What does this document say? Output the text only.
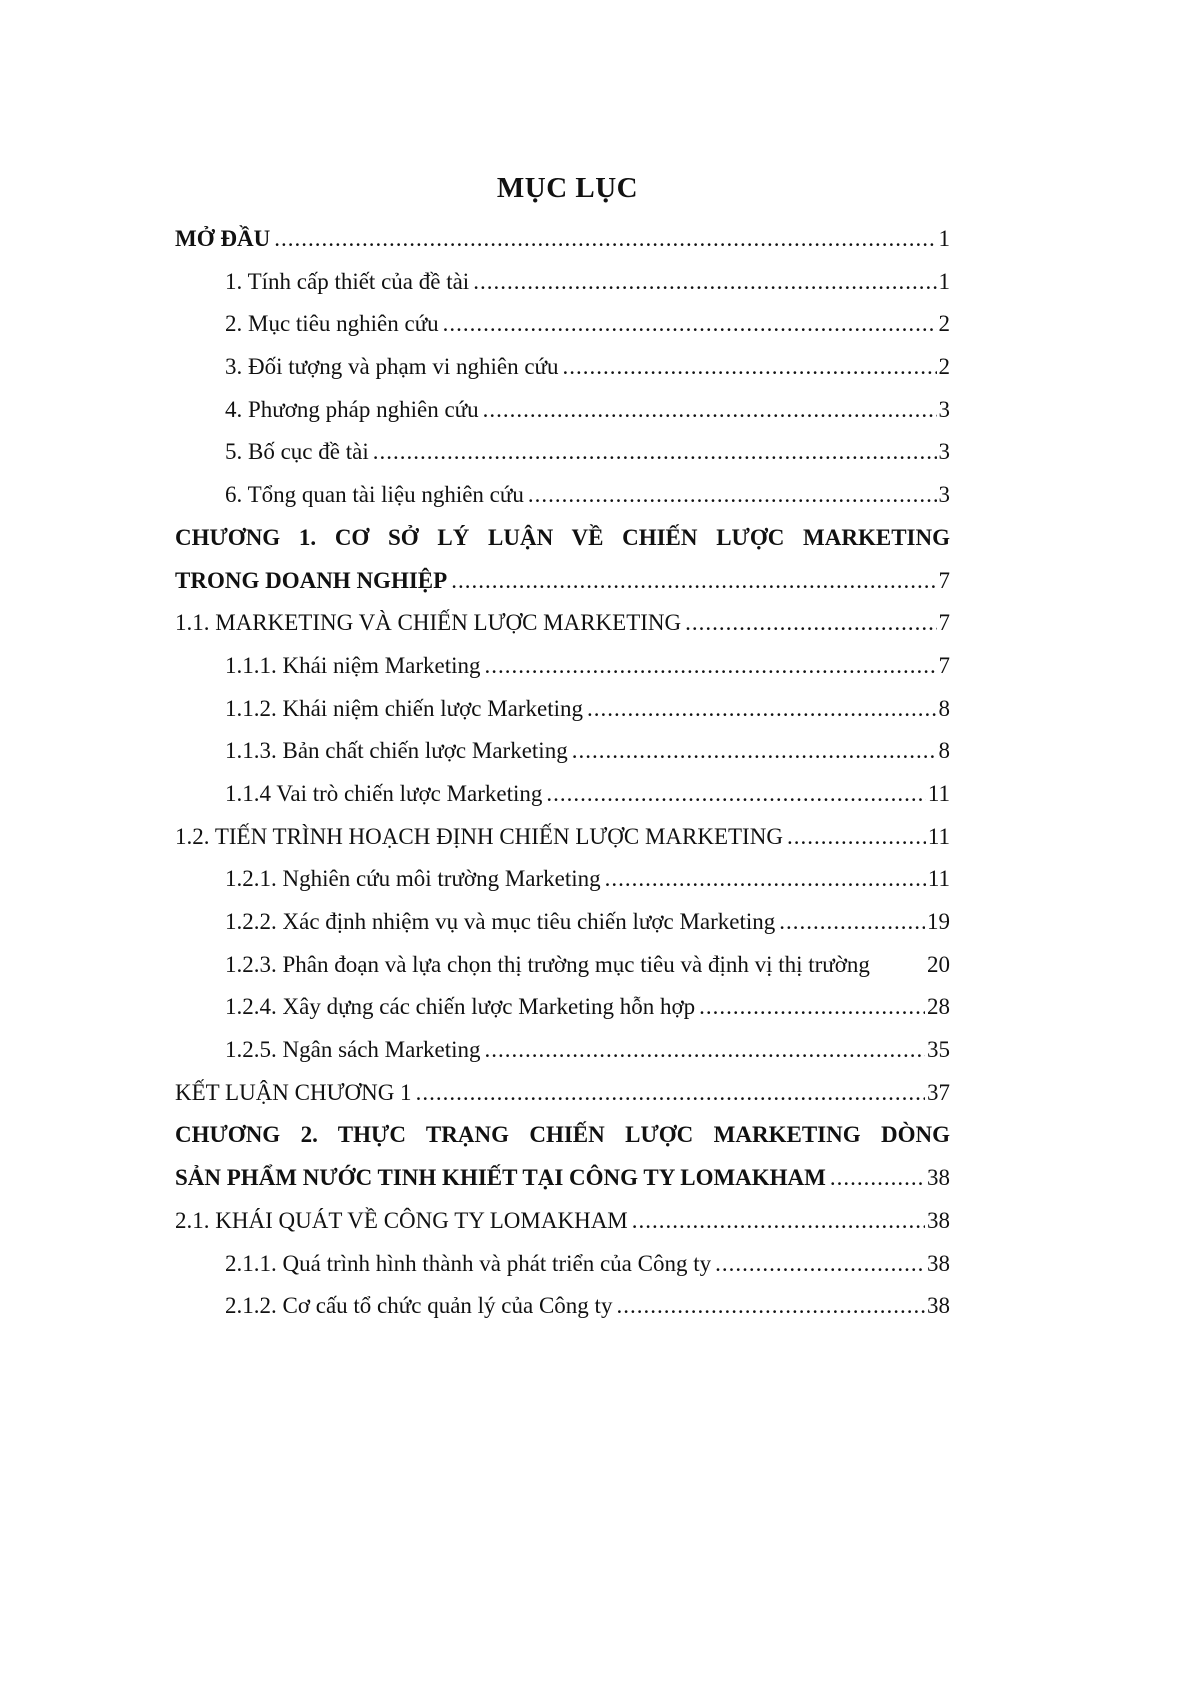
MỤC LỤC
MỞ ĐẦU .....	1
1. Tính cấp thiết của đề tài .....	1
2. Mục tiêu nghiên cứu .....	2
3. Đối tượng và phạm vi nghiên cứu .....	2
4. Phương pháp nghiên cứu .....	3
5. Bố cục đề tài .....	3
6. Tổng quan tài liệu nghiên cứu .....	3
CHƯƠNG 1. CƠ SỞ LÝ LUẬN VỀ CHIẾN LƯỢC MARKETING
TRONG DOANH NGHIỆP .....	7
1.1. MARKETING VÀ CHIẾN LƯỢC MARKETING .....	7
1.1.1. Khái niệm Marketing .....	7
1.1.2. Khái niệm chiến lược Marketing .....	8
1.1.3. Bản chất chiến lược Marketing .....	8
1.1.4 Vai trò chiến lược Marketing .....	11
1.2. TIẾN TRÌNH HOẠCH ĐỊNH CHIẾN LƯỢC MARKETING .....	11
1.2.1. Nghiên cứu môi trường Marketing .....	11
1.2.2. Xác định nhiệm vụ và mục tiêu chiến lược Marketing .....	19
1.2.3. Phân đoạn và lựa chọn thị trường mục tiêu và định vị thị trường 20
1.2.4. Xây dựng các chiến lược Marketing hỗn hợp .....	28
1.2.5. Ngân sách Marketing .....	35
KẾT LUẬN CHƯƠNG 1 .....	37
CHƯƠNG 2. THỰC TRẠNG CHIẾN LƯỢC MARKETING DÒNG
SẢN PHẨM NƯỚC TINH KHIẾT TẠI CÔNG TY LOMAKHAM .....	38
2.1. KHÁI QUÁT VỀ CÔNG TY LOMAKHAM .....	38
2.1.1. Quá trình hình thành và phát triển của Công ty .....	38
2.1.2. Cơ cấu tổ chức quản lý của Công ty .....	38
